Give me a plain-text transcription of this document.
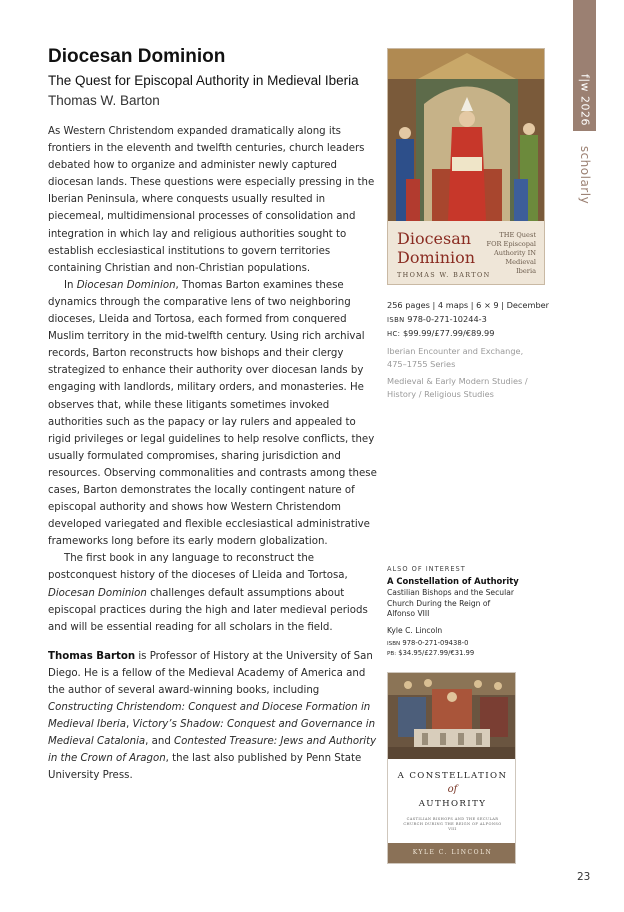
f|w 2026
scholarly
Diocesan Dominion
The Quest for Episcopal Authority in Medieval Iberia
Thomas W. Barton

As Western Christendom expanded dramatically along its frontiers in the eleventh and twelfth centuries, church leaders debated how to organize and administer newly captured diocesan lands. These questions were especially pressing in the Iberian Peninsula, where conquests usually resulted in piecemeal, multidimensional processes of consolidation and integration in which lay and religious authorities sought to establish ecclesiastical institutions to govern territories containing Christian and non-Christian populations.

In Diocesan Dominion, Thomas Barton examines these dynamics through the comparative lens of two neighboring dioceses, Lleida and Tortosa, each formed from conquered Muslim territory in the mid-twelfth century. Using rich archival records, Barton reconstructs how bishops and their clergy strategized to enhance their authority over diocesan lands by engaging with landlords, military orders, and monasteries. He observes that, while these litigants sometimes invoked authorities such as the papacy or lay rulers and appealed to rigid privileges or legal guidelines to help resolve conflicts, they usually formulated compromises, sharing jurisdiction and resources. Observing commonalities and contrasts among these cases, Barton demonstrates the locally contingent nature of episcopal authority and shows how Western Christendom developed variegated and flexible ecclesiastical administrative frameworks long before its early modern globalization.

The first book in any language to reconstruct the postconquest history of the dioceses of Lleida and Tortosa, Diocesan Dominion challenges default assumptions about episcopal practices during the high and later medieval periods and will be essential reading for all scholars in the field.

Thomas Barton is Professor of History at the University of San Diego. He is a fellow of the Medieval Academy of America and the author of several award-winning books, including Constructing Christendom: Conquest and Diocese Formation in Medieval Iberia, Victory’s Shadow: Conquest and Governance in Medieval Catalonia, and Contested Treasure: Jews and Authority in the Crown of Aragon, the last also published by Penn State University Press.

Diocesan
Dominion
THE Quest
FOR Episcopal
Authority IN
Medieval
Iberia
THOMAS W. BARTON
256 pages | 4 maps | 6 × 9 | December
ISBN 978-0-271-10244-3
HC: $99.99/£77.99/€89.99
Iberian Encounter and Exchange,
475–1755 Series
Medieval & Early Modern Studies /
History / Religious Studies
ALSO OF INTEREST
A Constellation of Authority
Castilian Bishops and the Secular
Church During the Reign of
Alfonso VIII
Kyle C. Lincoln
ISBN 978-0-271-09438-0
PB: $34.95/£27.99/€31.99
A CONSTELLATION
of
AUTHORITY
CASTILIAN BISHOPS AND THE SECULAR CHURCH DURING THE REIGN OF ALFONSO VIII
KYLE C. LINCOLN
23
